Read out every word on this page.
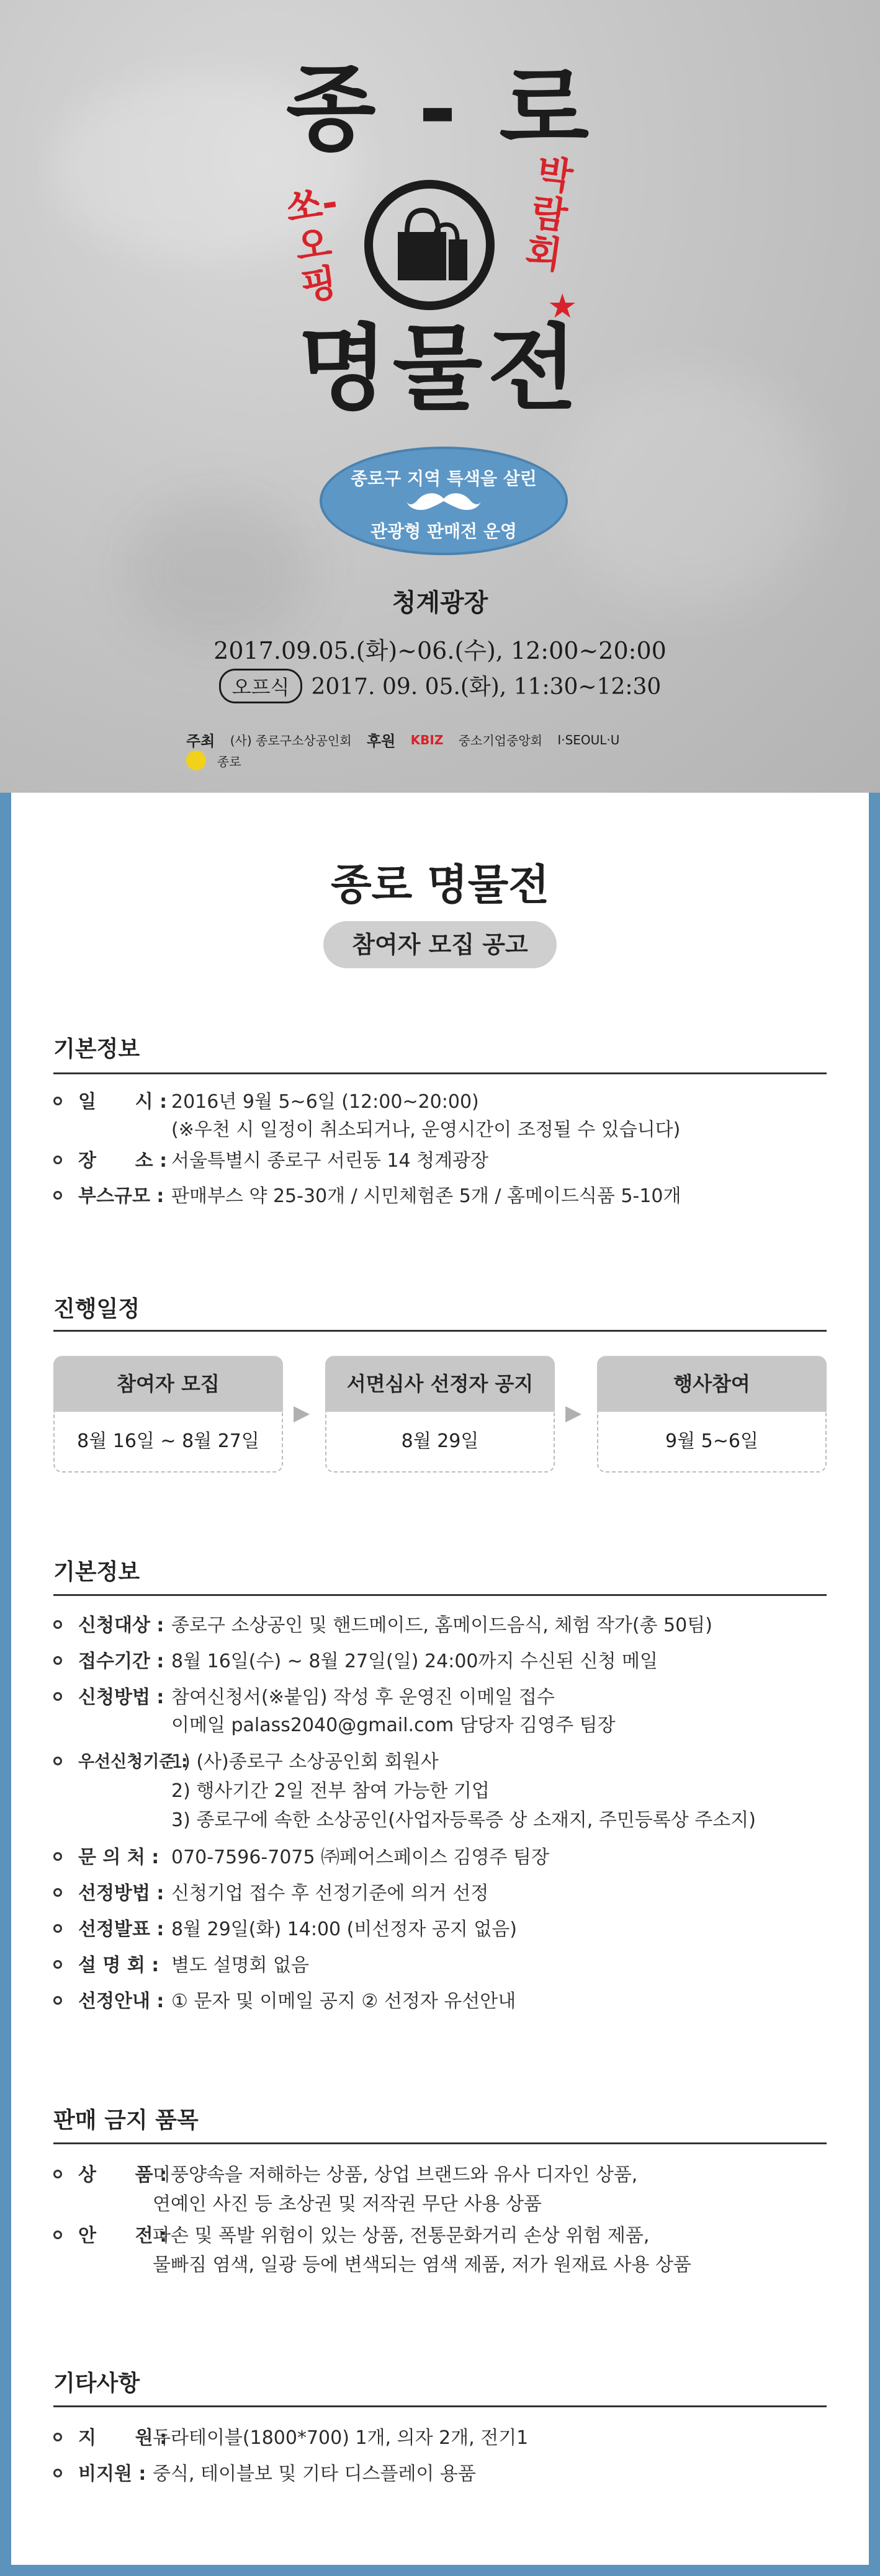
종 - 로
쏘-오핑
박람회
★
명물전
종로구 지역 특색을 살린
관광형 판매전 운영
청계광장
2017.09.05.(화)~06.(수), 12:00~20:00
오프식 2017. 09. 05.(화), 11:30~12:30
주최 (사) 종로구소상공인회 후원 KBIZ 중소기업중앙회 I·SEOUL·U 종로
종로 명물전
참여자 모집 공고
기본정보
일      시 : 2016년 9월 5~6일 (12:00~20:00)
(※우천 시 일정이 취소되거나, 운영시간이 조정될 수 있습니다)
장      소 : 서울특별시 종로구 서린동 14 청계광장
부스규모 : 판매부스 약 25-30개 / 시민체험존 5개 / 홈메이드식품 5-10개
진행일정
참여자 모집
8월 16일 ~ 8월 27일
▶
서면심사 선정자 공지
8월 29일
▶
행사참여
9월 5~6일
기본정보
신청대상 : 종로구 소상공인 및 핸드메이드, 홈메이드음식, 체험 작가(총 50팀)
접수기간 : 8월 16일(수) ~ 8월 27일(일) 24:00까지 수신된 신청 메일
신청방법 : 참여신청서(※붙임) 작성 후 운영진 이메일 접수
이메일 palass2040@gmail.com 담당자 김영주 팀장
우선신청기준 :
1) (사)종로구 소상공인회 회원사
2) 행사기간 2일 전부 참여 가능한 기업
3) 종로구에 속한 소상공인(사업자등록증 상 소재지, 주민등록상 주소지)
문 의 처 : 070-7596-7075 ㈜페어스페이스 김영주 팀장
선정방법 : 신청기업 접수 후 선정기준에 의거 선정
선정발표 : 8월 29일(화) 14:00 (비선정자 공지 없음)
설 명 회 : 별도 설명회 없음
선정안내 : ① 문자 및 이메일 공지 ② 선정자 유선안내
판매 금지 품목
상      품 :
미풍양속을 저해하는 상품, 상업 브랜드와 유사 디자인 상품,
연예인 사진 등 초상권 및 저작권 무단 사용 상품
안      전 :
파손 및 폭발 위험이 있는 상품, 전통문화거리 손상 위험 제품,
물빠짐 염색, 일광 등에 변색되는 염색 제품, 저가 원재료 사용 상품
기타사항
지      원 :
듀라테이블(1800*700) 1개, 의자 2개, 전기1
비지원 : 중식, 테이블보 및 기타 디스플레이 용품
